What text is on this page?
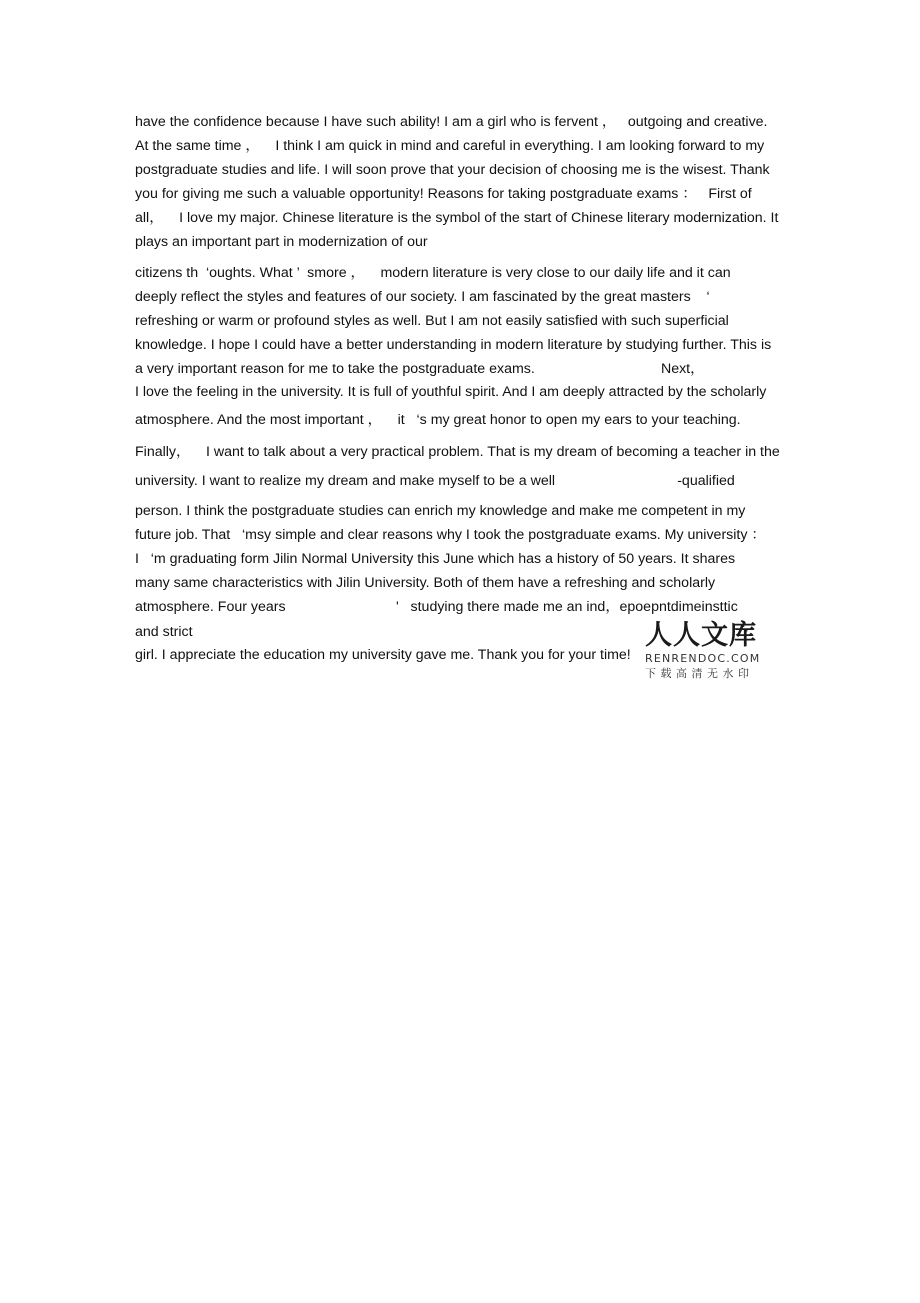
have the confidence because I have such ability! I am a girl who is fervent ，   outgoing and creative.
At the same time ，    I think I am quick in mind and careful in everything. I am looking forward to my
postgraduate studies and life. I will soon prove that your decision of choosing me is the wisest. Thank
you for giving me such a valuable opportunity! Reasons for taking postgraduate exams ：   First of
all，    I love my major. Chinese literature is the symbol of the start of Chinese literary modernization. It
plays an important part in modernization of our
citizens th  ‘oughts. What ’  smore ，    modern literature is very close to our daily life and it can
deeply reflect the styles and features of our society. I am fascinated by the great masters    ‘
refreshing or warm or profound styles as well. But I am not easily satisfied with such superficial
knowledge. I hope I could have a better understanding in modern literature by studying further. This is
a very important reason for me to take the postgraduate exams.                                Next，
I love the feeling in the university. It is full of youthful spirit. And I am deeply attracted by the scholarly
atmosphere. And the most important ，    it   ‘s my great honor to open my ears to your teaching.
Finally，    I want to talk about a very practical problem. That is my dream of becoming a teacher in the
university. I want to realize my dream and make myself to be a well                               -qualified
person. I think the postgraduate studies can enrich my knowledge and make me competent in my
future job. That   ‘msy simple and clear reasons why I took the postgraduate exams. My university ：
I   ‘m graduating form Jilin Normal University this June which has a history of 50 years. It shares
many same characteristics with Jilin University. Both of them have a refreshing and scholarly
atmosphere. Four years                            '   studying there made me an ind，epoepntdimeinsttic
and strict
girl. I appreciate the education my university gave me. Thank you for your time!
人人文库
RENRENDOC.COM
下载高清无水印
